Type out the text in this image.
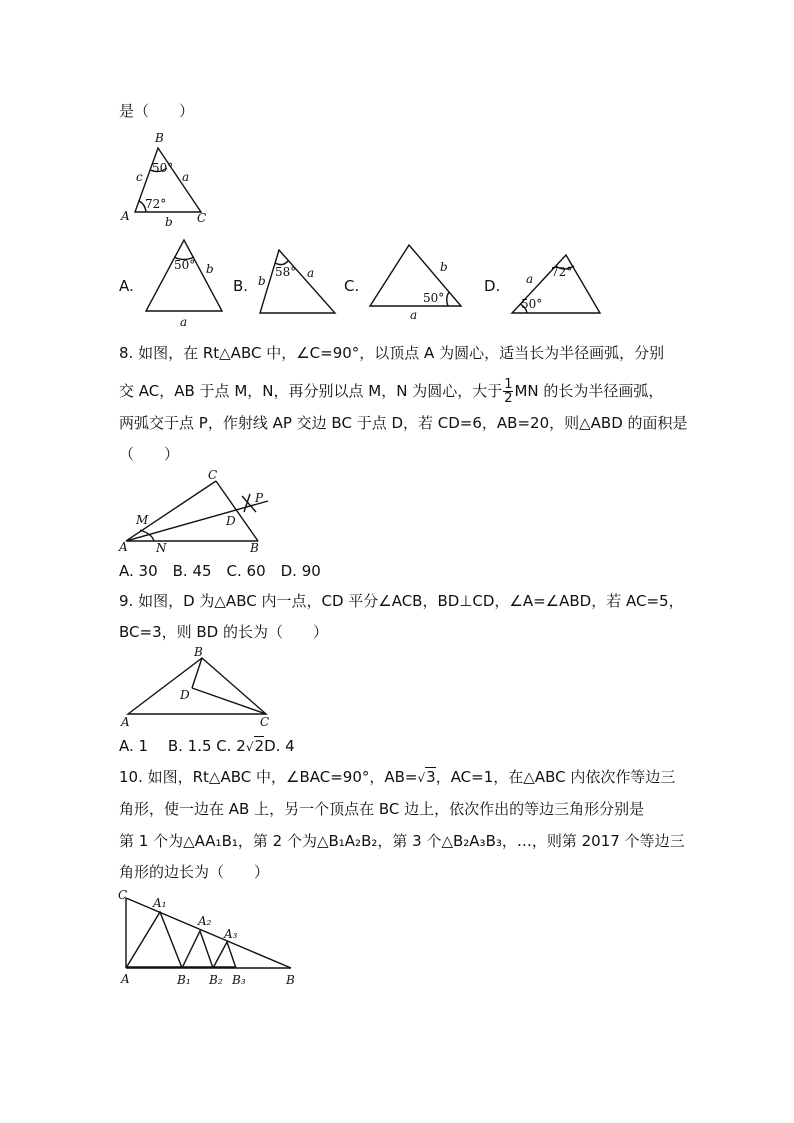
是（　　）
B
50°
c	a
72°
A	b C
A.
50° b
a
B.
58°
b
a
C.
b
50°
a
D.
72°
a
50°
8. 如图，在 Rt△ABC 中，∠C=90°，以顶点 A 为圆心，适当长为半径画弧，分别
交 AC，AB 于点 M，N，再分别以点 M，N 为圆心，大于 $\frac{1}{2}$ MN 的长为半径画弧，
两弧交于点 P，作射线 AP 交边 BC 于点 D，若 CD=6，AB=20，则△ABD 的面积是
（　　）
C
P
M	D
A N	B
A. 30　B. 45　C. 60　D. 90
9. 如图，D 为△ABC 内一点，CD 平分∠ACB，BD⊥CD，∠A=∠ABD，若 AC=5，
BC=3，则 BD 的长为（　　）
B
D
A	C
A. 1　 B. 1.5 C. 2√2D. 4
10. 如图，Rt△ABC 中，∠BAC=90°，AB=√3，AC=1，在△ABC 内依次作等边三
角形，使一边在 AB 上，另一个顶点在 BC 边上，依次作出的等边三角形分别是
第 1 个为△AA₁B₁，第 2 个为△B₁A₂B₂，第 3 个△B₂A₃B₃，…，则第 2017 个等边三
角形的边长为（　　）
C
A₁
A₂
A₃
A	B₁ B₂ B₃	B
